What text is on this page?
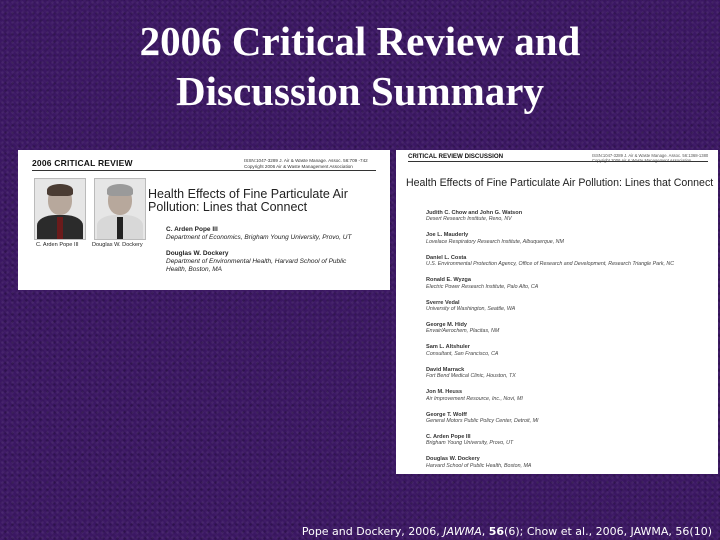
2006 Critical Review and
Discussion Summary
2006 CRITICAL REVIEW	ISSN:1047-3289 J. Air & Waste Manage. Assoc. 56:709 -742
Copyright 2006 Air & Waste Management Association
C. Arden Pope III Douglas W. Dockery
Health Effects of Fine Particulate Air Pollution: Lines that Connect
C. Arden Pope III
Department of Economics, Brigham Young University, Provo, UT
Douglas W. Dockery
Department of Environmental Health, Harvard School of Public Health, Boston, MA
CRITICAL REVIEW DISCUSSION	ISSN:1047-3289 J. Air & Waste Manage. Assoc. 56:1368-1380
Health Effects of Fine Particulate Air Pollution: Lines that Connect
Judith C. Chow and John G. Watson
Desert Research Institute, Reno, NV
Joe L. Mauderly
Lovelace Respiratory Research Institute, Albuquerque, NM
Daniel L. Costa
U.S. Environmental Protection Agency, Office of Research and Development, Research Triangle Park, NC
Ronald E. Wyzga
Electric Power Research Institute, Palo Alto, CA
Sverre Vedal
University of Washington, Seattle, WA
George M. Hidy
Envair/Aerochem, Placitas, NM
Sam L. Altshuler
Consultant, San Francisco, CA
David Marrack
Fort Bend Medical Clinic, Houston, TX
Jon M. Heuss
Air Improvement Resource, Inc., Novi, MI
George T. Wolff
General Motors Public Policy Center, Detroit, MI
C. Arden Pope III
Brigham Young University, Provo, UT
Douglas W. Dockery
Harvard School of Public Health, Boston, MA
Pope and Dockery, 2006, JAWMA, 56(6); Chow et al., 2006, JAWMA, 56(10)
